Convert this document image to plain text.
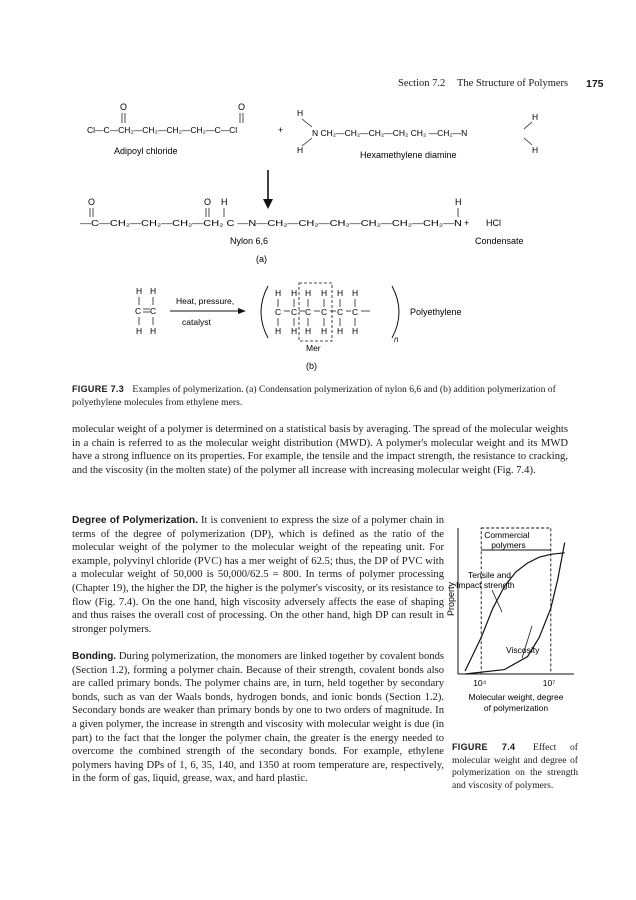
Section 7.2 The Structure of Polymers 175
O	O
Cl—C—CH₂—CH₂—CH₂—CH₂—C—Cl
Adipoyl chloride
+
H
H
N CH₂—CH₂—CH₂—CH₂ CH₂ —CH₂—N
H
H
Hexamethylene diamine
O	O H	H
—C—CH₂—CH₂—CH₂—CH₂ C —N—CH₂—CH₂—CH₂—CH₂—CH₂—CH₂—N + HCl
Nylon 6,6	Condensate
(a)
H H
C C
H H
Heat, pressure,
catalyst
H H H H H H
C C C C C C
H H H H H H
n
Polyethylene
Mer
(b)
FIGURE 7.3 Examples of polymerization. (a) Condensation polymerization of nylon 6,6 and (b) addition polymerization of polyethylene molecules from ethylene mers.
molecular weight of a polymer is determined on a statistical basis by averaging. The spread of the molecular weights in a chain is referred to as the molecular weight distribution (MWD). A polymer's molecular weight and its MWD have a strong influence on its properties. For example, the tensile and the impact strength, the resistance to cracking, and the viscosity (in the molten state) of the polymer all increase with increasing molecular weight (Fig. 7.4).
Degree of Polymerization. It is convenient to express the size of a polymer chain in terms of the degree of polymerization (DP), which is defined as the ratio of the molecular weight of the polymer to the molecular weight of the repeating unit. For example, polyvinyl chloride (PVC) has a mer weight of 62.5; thus, the DP of PVC with a molecular weight of 50,000 is 50,000/62.5 = 800. In terms of polymer processing (Chapter 19), the higher the DP, the higher is the polymer's viscosity, or its resistance to flow (Fig. 7.4). On the one hand, high viscosity adversely affects the ease of shaping and thus raises the overall cost of processing. On the other hand, high DP can result in stronger polymers.
Bonding. During polymerization, the monomers are linked together by covalent bonds (Section 1.2), forming a polymer chain. Because of their strength, covalent bonds also are called primary bonds. The polymer chains are, in turn, held together by secondary bonds, such as van der Waals bonds, hydrogen bonds, and ionic bonds (Section 1.2). Secondary bonds are weaker than primary bonds by one to two orders of magnitude. In a given polymer, the increase in strength and viscosity with molecular weight is due (in part) to the fact that the longer the polymer chain, the greater is the energy needed to overcome the combined strength of the secondary bonds. For example, ethylene polymers having DPs of 1, 6, 35, 140, and 1350 at room temperature are, respectively, in the form of gas, liquid, grease, wax, and hard plastic.
Property
Commercial
polymers
Tensile and
Impact strength
Viscosity
10⁴	10⁷
Molecular weight, degree
of polymerization
FIGURE 7.4 Effect of molecular weight and degree of polymerization on the strength and viscosity of polymers.
